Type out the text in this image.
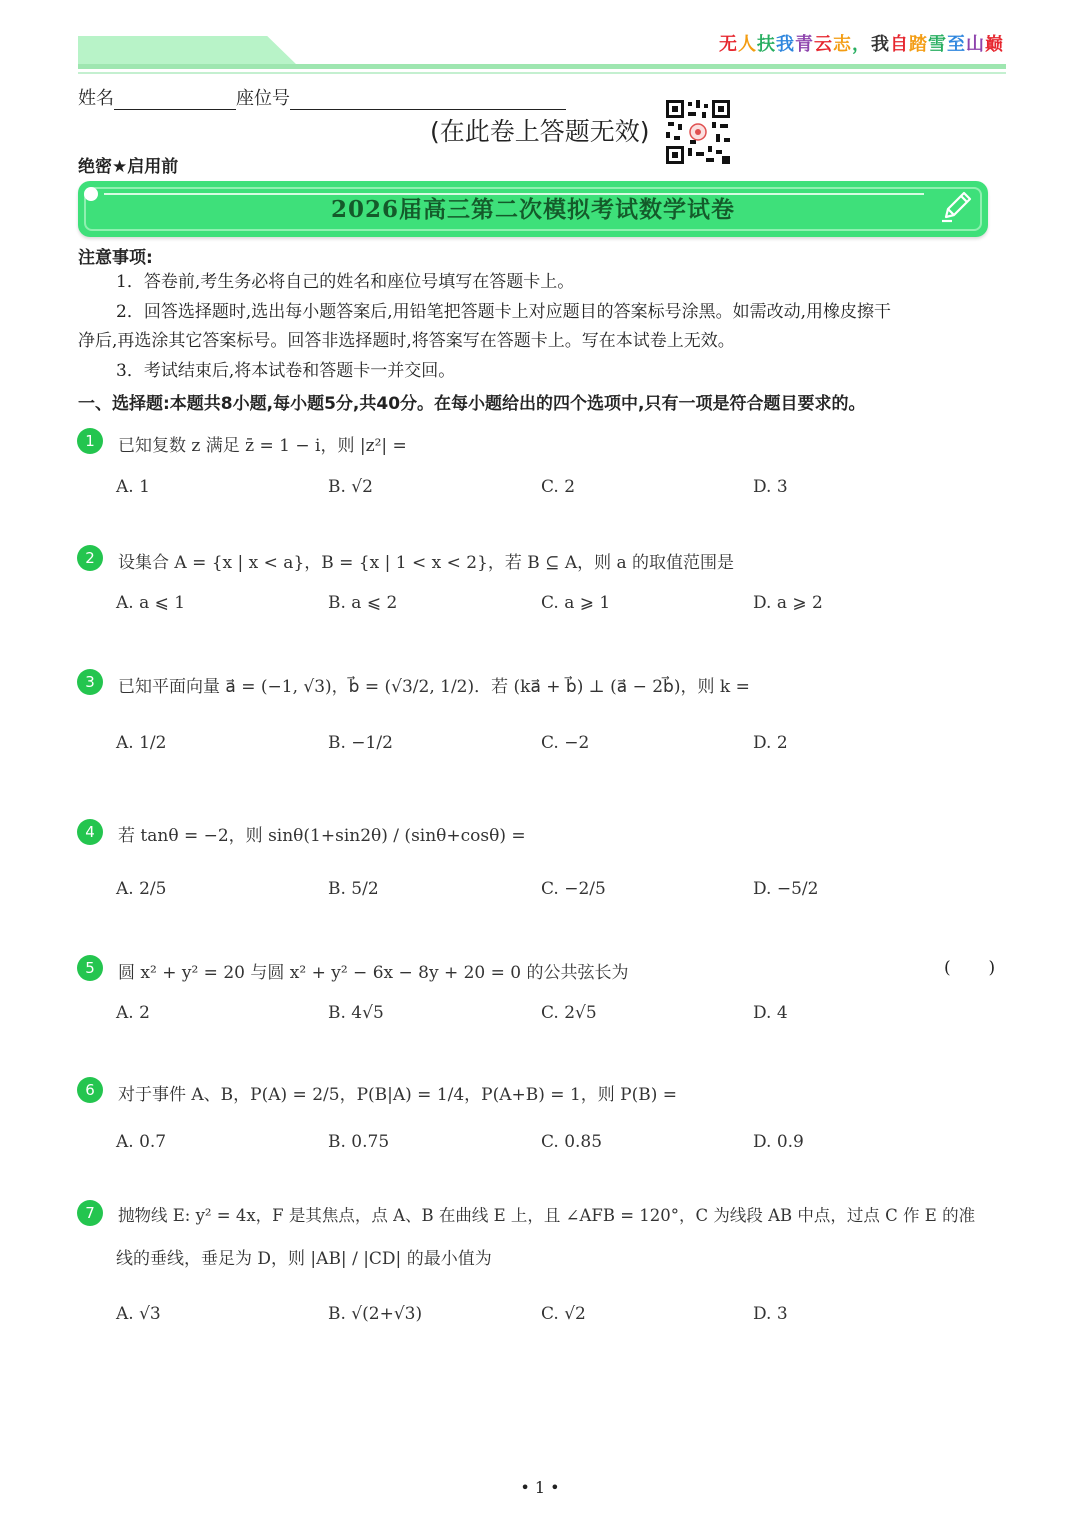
无人扶我青云志，我自踏雪至山巅
姓名	座位号
(在此卷上答题无效)
绝密★启用前
2026届高三第二次模拟考试数学试卷
注意事项:
1．答卷前,考生务必将自己的姓名和座位号填写在答题卡上。
2．回答选择题时,选出每小题答案后,用铅笔把答题卡上对应题目的答案标号涂黑。如需改动,用橡皮擦干
净后,再选涂其它答案标号。回答非选择题时,将答案写在答题卡上。写在本试卷上无效。
3．考试结束后,将本试卷和答题卡一并交回。
一、选择题:本题共8小题,每小题5分,共40分。在每小题给出的四个选项中,只有一项是符合题目要求的。
1	已知复数 z 满足 z̄ = 1 − i，则 |z²| =
A. 1	B. √2	C. 2	D. 3
2	设集合 A = {x | x < a}，B = {x | 1 < x < 2}，若 B ⊆ A，则 a 的取值范围是
A. a ⩽ 1	B. a ⩽ 2	C. a ⩾ 1	D. a ⩾ 2
3	已知平面向量 a⃗ = (−1, √3)，b⃗ = (√3/2, 1/2)．若 (ka⃗ + b⃗) ⊥ (a⃗ − 2b⃗)，则 k =
A. 1/2	B. −1/2	C. −2	D. 2
4	若 tanθ = −2，则 sinθ(1+sin2θ) / (sinθ+cosθ) =
A. 2/5	B. 5/2	C. −2/5	D. −5/2
5	圆 x² + y² = 20 与圆 x² + y² − 6x − 8y + 20 = 0 的公共弦长为	(       )
A. 2	B. 4√5	C. 2√5	D. 4
6	对于事件 A、B，P(A) = 2/5，P(B|A) = 1/4，P(A+B) = 1，则 P(B) =
A. 0.7	B. 0.75	C. 0.85	D. 0.9
7	抛物线 E: y² = 4x，F 是其焦点，点 A、B 在曲线 E 上，且 ∠AFB = 120°，C 为线段 AB 中点，过点 C 作 E 的准
线的垂线，垂足为 D，则 |AB| / |CD| 的最小值为
A. √3	B. √(2+√3)	C. √2	D. 3
• 1 •
